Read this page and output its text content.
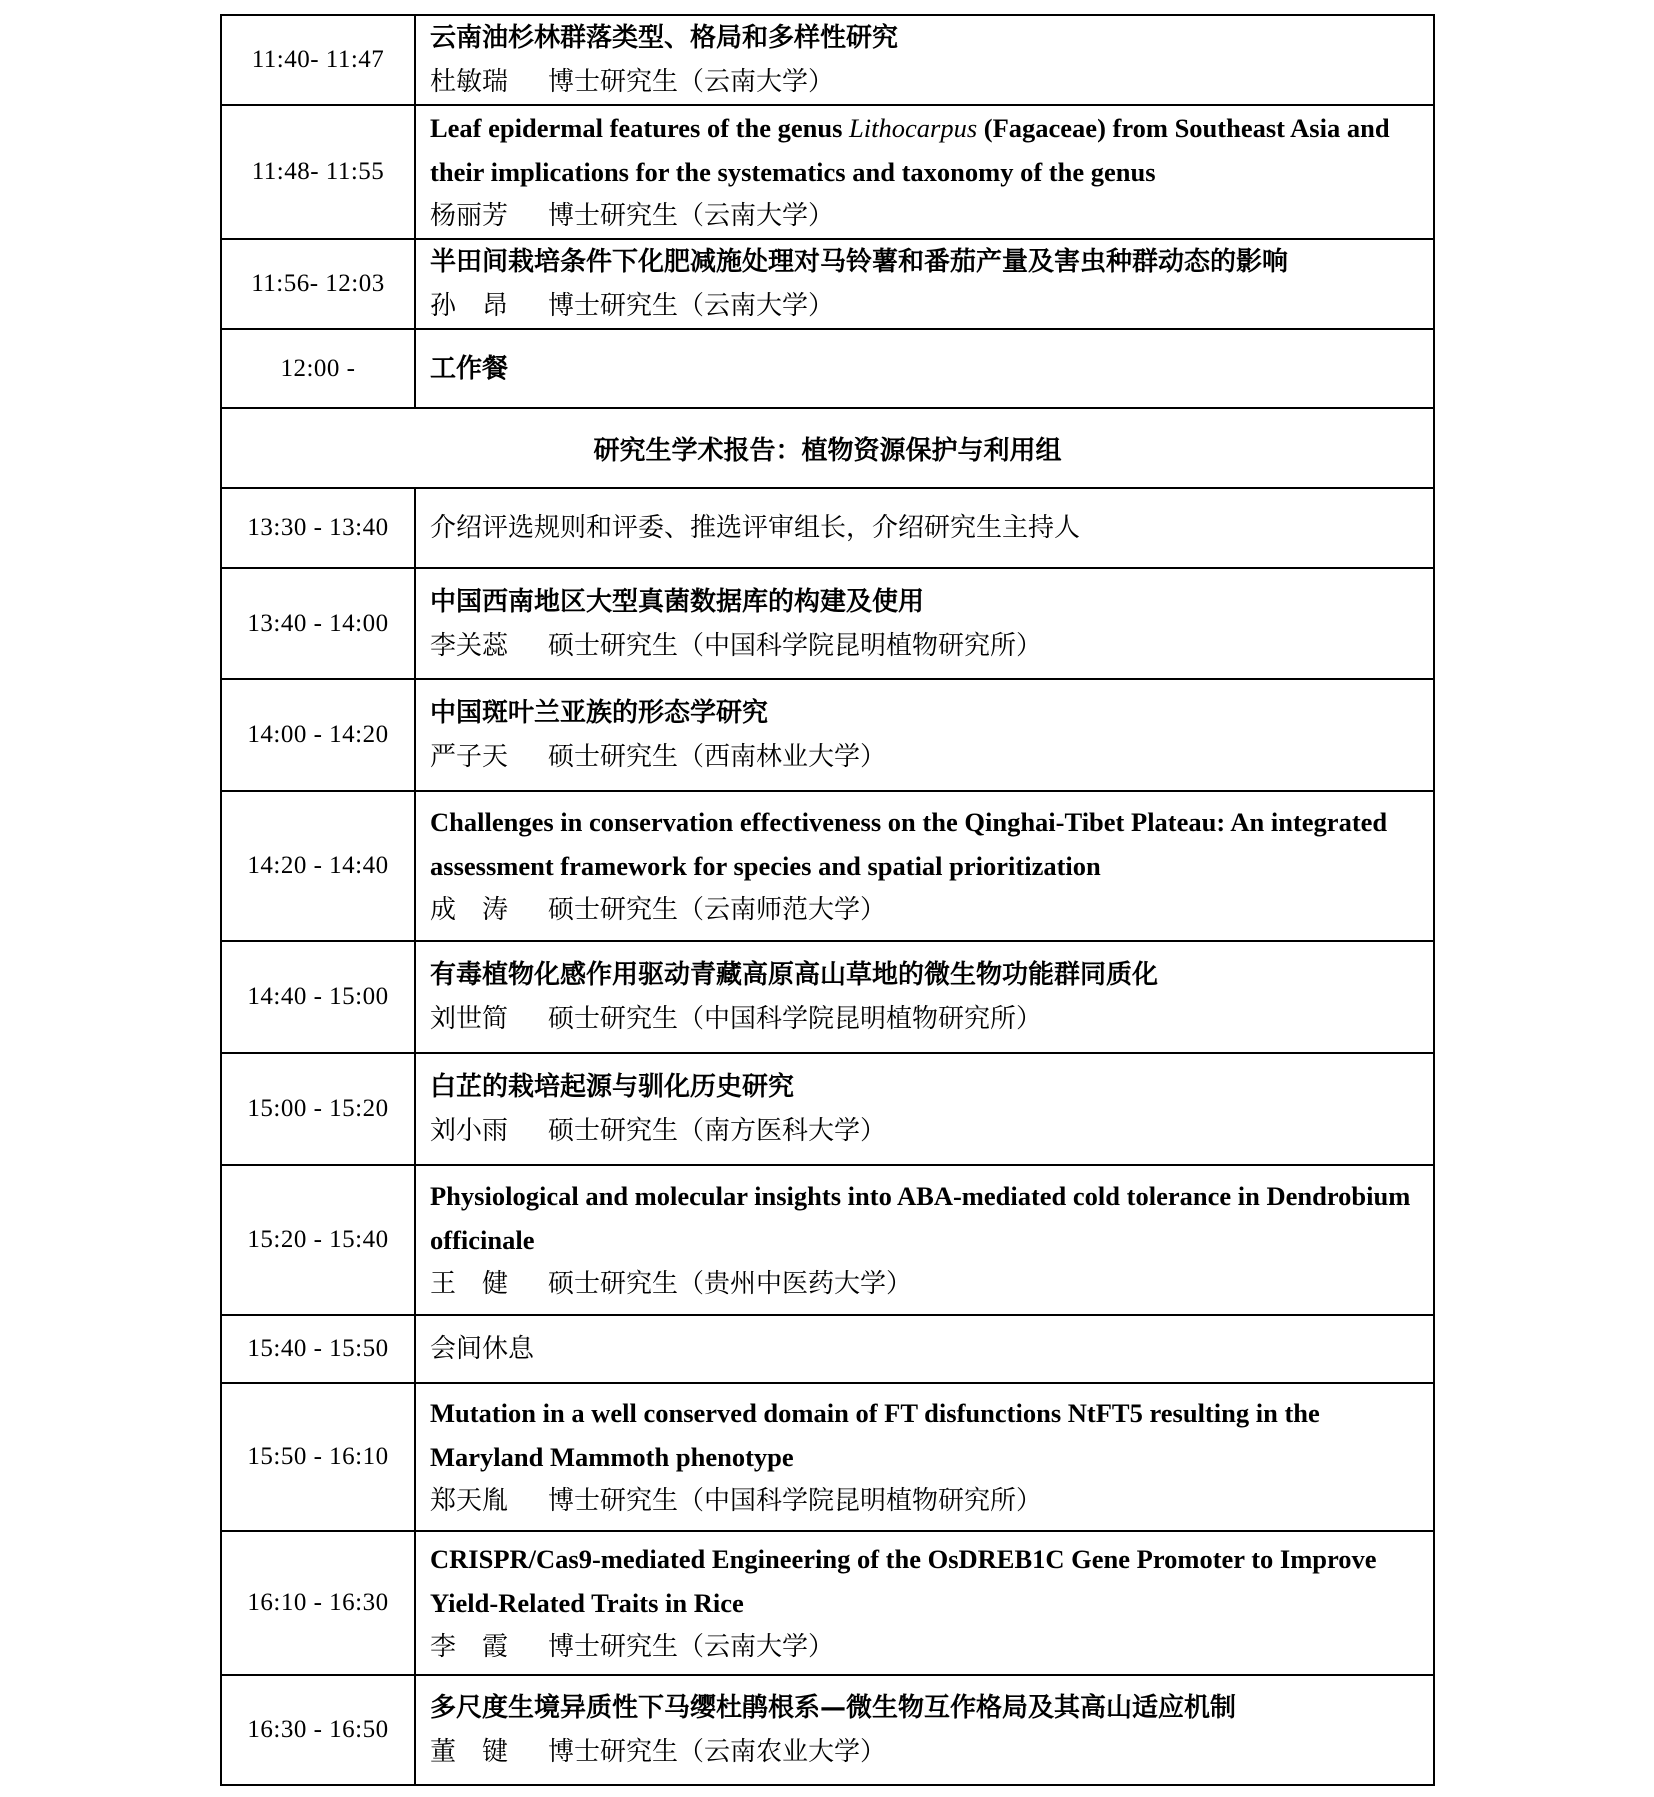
11:40- 11:47	云南油杉林群落类型、格局和多样性研究
杜敏瑞 博士研究生（云南大学）

11:48- 11:55	Leaf epidermal features of the genus Lithocarpus (Fagaceae) from Southeast Asia and their implications for the systematics and taxonomy of the genus
杨丽芳 博士研究生（云南大学）

11:56- 12:03	半田间栽培条件下化肥减施处理对马铃薯和番茄产量及害虫种群动态的影响
孙　昂 博士研究生（云南大学）

12:00 -	工作餐

研究生学术报告：植物资源保护与利用组	
13:30 - 13:40	介绍评选规则和评委、推选评审组长，介绍研究生主持人

13:40 - 14:00	中国西南地区大型真菌数据库的构建及使用
李关蕊 硕士研究生（中国科学院昆明植物研究所）

14:00 - 14:20	中国斑叶兰亚族的形态学研究
严子天 硕士研究生（西南林业大学）

14:20 - 14:40	Challenges in conservation effectiveness on the Qinghai-Tibet Plateau: An integrated assessment framework for species and spatial prioritization
成　涛 硕士研究生（云南师范大学）

14:40 - 15:00	有毒植物化感作用驱动青藏高原高山草地的微生物功能群同质化
刘世简 硕士研究生（中国科学院昆明植物研究所）

15:00 - 15:20	白芷的栽培起源与驯化历史研究
刘小雨 硕士研究生（南方医科大学）

15:20 - 15:40	Physiological and molecular insights into ABA-mediated cold tolerance in Dendrobium officinale
王　健 硕士研究生（贵州中医药大学）

15:40 - 15:50	会间休息

15:50 - 16:10	Mutation in a well conserved domain of FT disfunctions NtFT5 resulting in the Maryland Mammoth phenotype
郑天胤 博士研究生（中国科学院昆明植物研究所）

16:10 - 16:30	CRISPR/Cas9-mediated Engineering of the OsDREB1C Gene Promoter to Improve Yield-Related Traits in Rice
李　霞 博士研究生（云南大学）

16:30 - 16:50	多尺度生境异质性下马缨杜鹃根系—微生物互作格局及其高山适应机制
董　键 博士研究生（云南农业大学）
